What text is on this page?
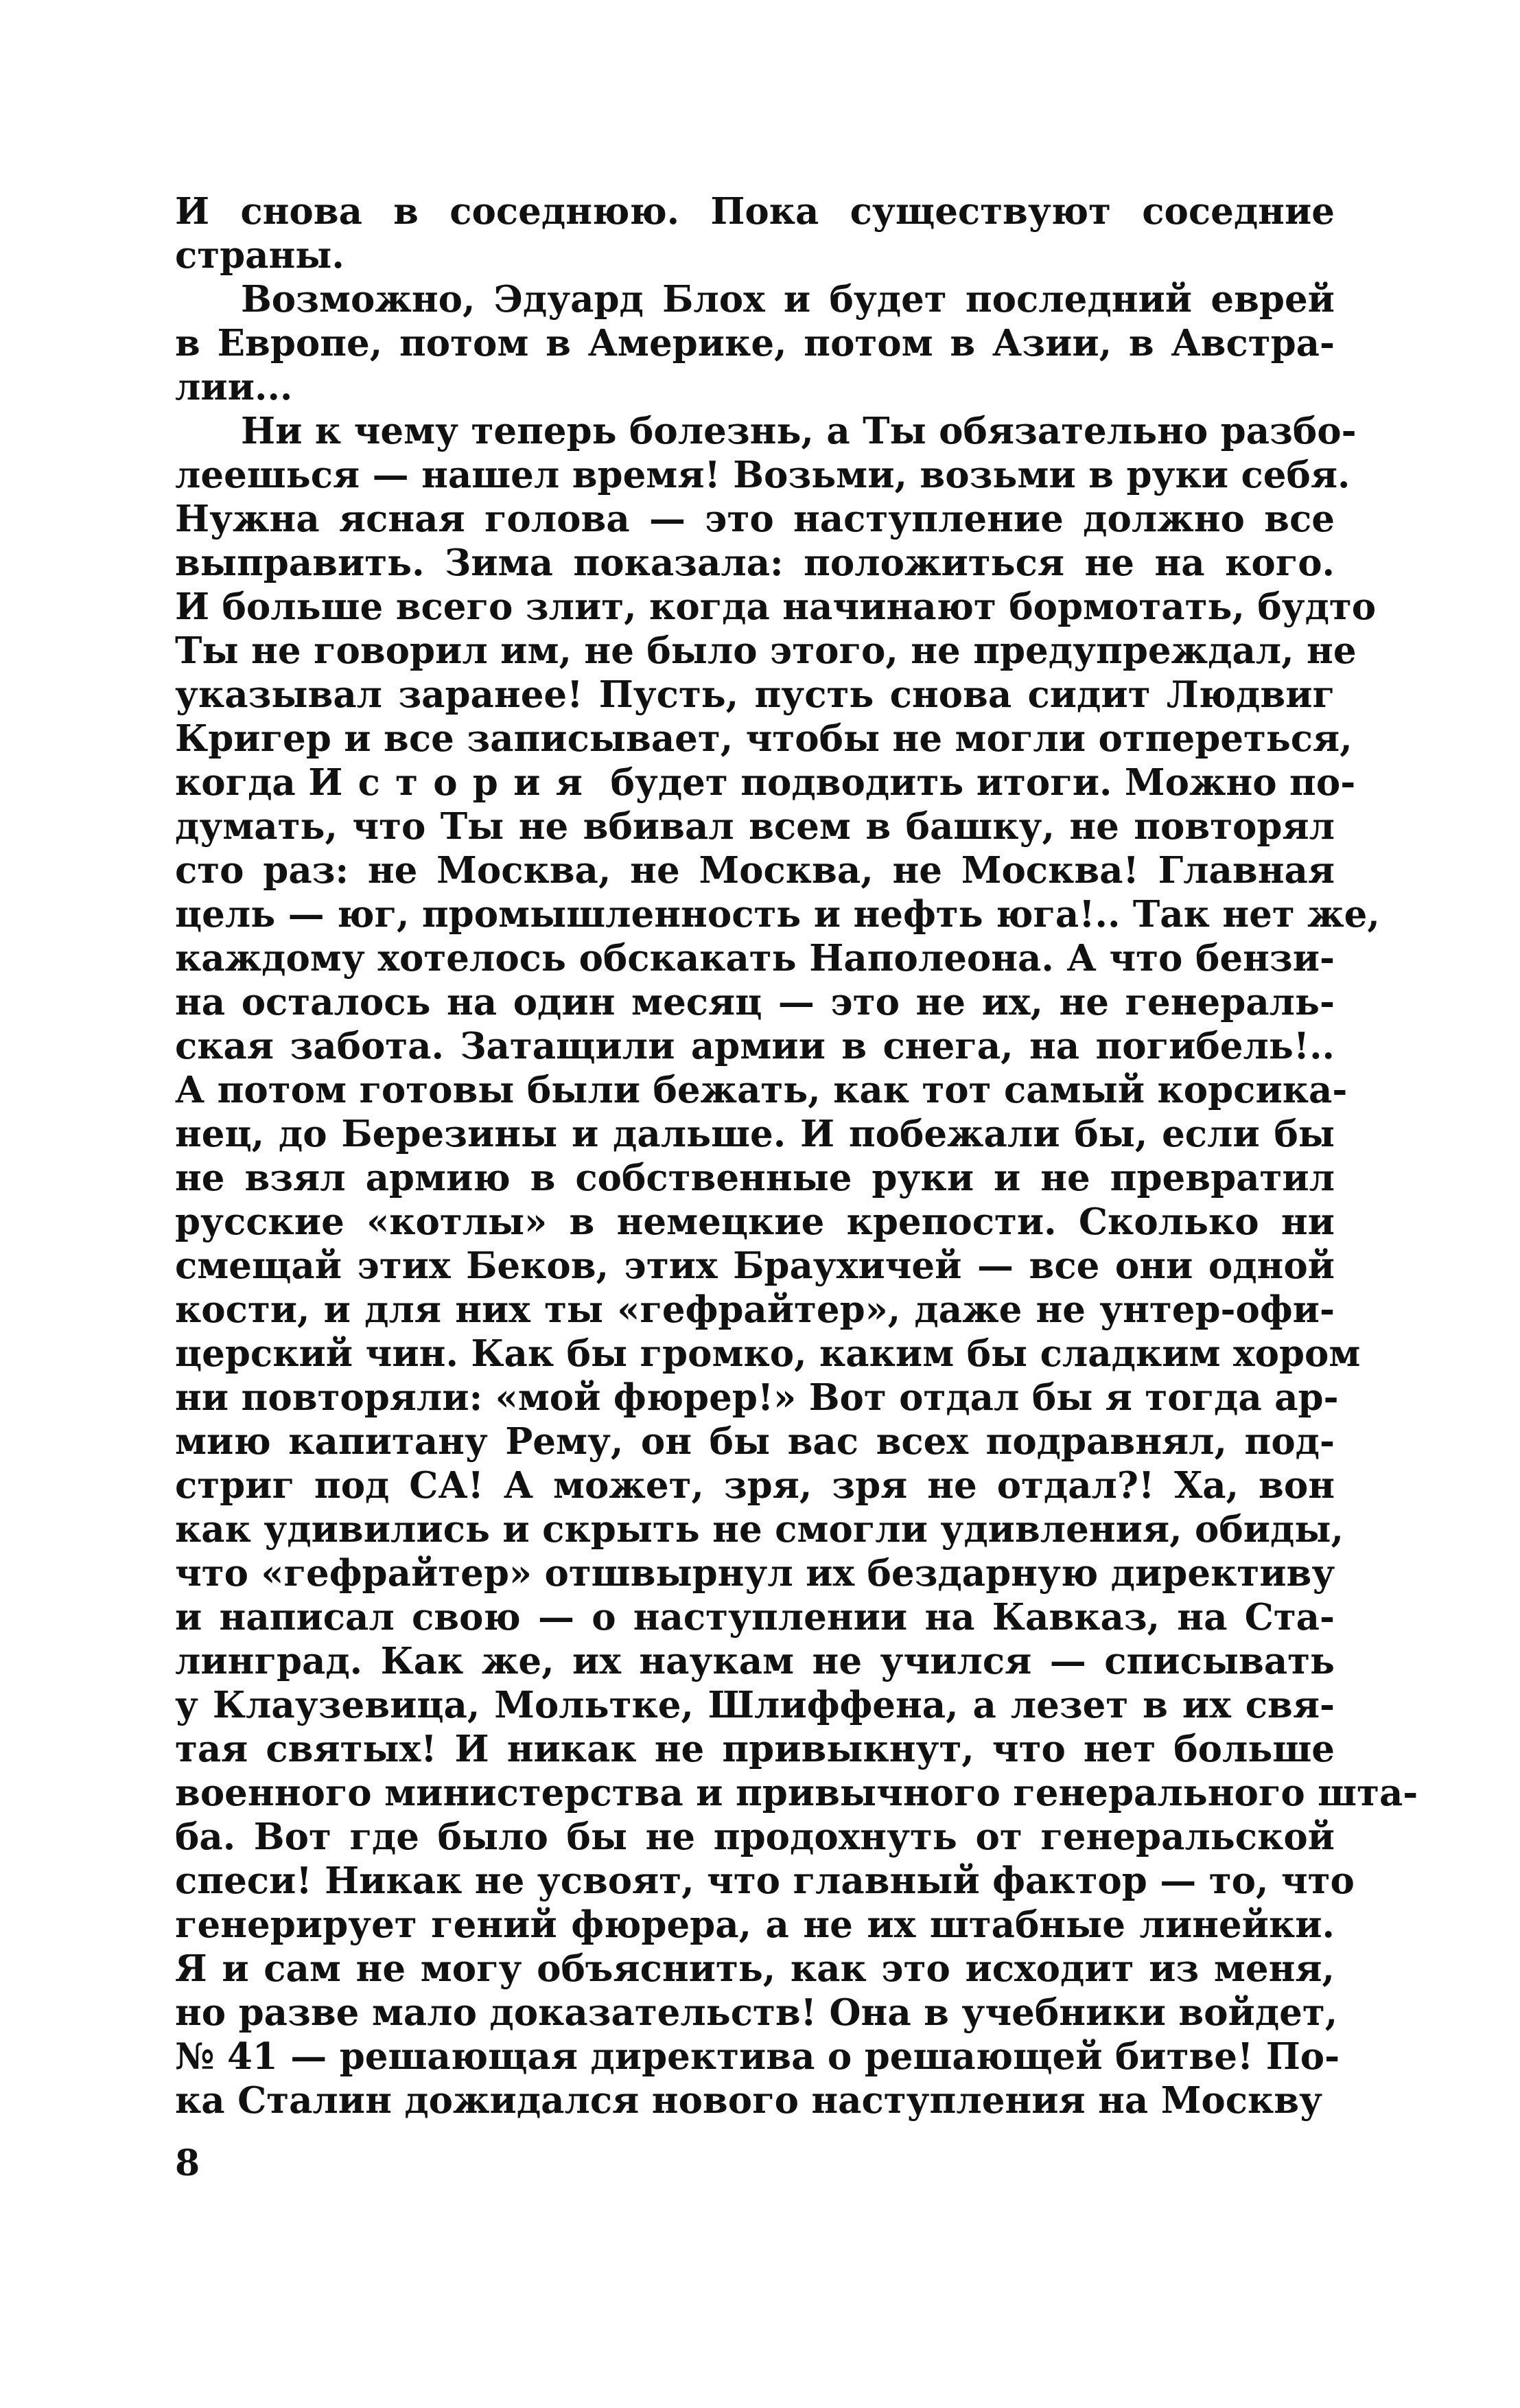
И снова в соседнюю. Пока существуют соседние
страны.
Возможно, Эдуард Блох и будет последний еврей
в Европе, потом в Америке, потом в Азии, в Австра-
лии...
Ни к чему теперь болезнь, а Ты обязательно разбо-
леешься — нашел время! Возьми, возьми в руки себя.
Нужна ясная голова — это наступление должно все
выправить. Зима показала: положиться не на кого.
И больше всего злит, когда начинают бормотать, будто
Ты не говорил им, не было этого, не предупреждал, не
указывал заранее! Пусть, пусть снова сидит Людвиг
Кригер и все записывает, чтобы не могли отпереться,
когда История будет подводить итоги. Можно по-
думать, что Ты не вбивал всем в башку, не повторял
сто раз: не Москва, не Москва, не Москва! Главная
цель — юг, промышленность и нефть юга!.. Так нет же,
каждому хотелось обскакать Наполеона. А что бензи-
на осталось на один месяц — это не их, не генераль-
ская забота. Затащили армии в снега, на погибель!..
А потом готовы были бежать, как тот самый корсика-
нец, до Березины и дальше. И побежали бы, если бы
не взял армию в собственные руки и не превратил
русские «котлы» в немецкие крепости. Сколько ни
смещай этих Беков, этих Браухичей — все они одной
кости, и для них ты «гефрайтер», даже не унтер-офи-
церский чин. Как бы громко, каким бы сладким хором
ни повторяли: «мой фюрер!» Вот отдал бы я тогда ар-
мию капитану Рему, он бы вас всех подравнял, под-
стриг под СА! А может, зря, зря не отдал?! Ха, вон
как удивились и скрыть не смогли удивления, обиды,
что «гефрайтер» отшвырнул их бездарную директиву
и написал свою — о наступлении на Кавказ, на Ста-
линград. Как же, их наукам не учился — списывать
у Клаузевица, Мольтке, Шлиффена, а лезет в их свя-
тая святых! И никак не привыкнут, что нет больше
военного министерства и привычного генерального шта-
ба. Вот где было бы не продохнуть от генеральской
спеси! Никак не усвоят, что главный фактор — то, что
генерирует гений фюрера, а не их штабные линейки.
Я и сам не могу объяснить, как это исходит из меня,
но разве мало доказательств! Она в учебники войдет,
№ 41 — решающая директива о решающей битве! По-
ка Сталин дожидался нового наступления на Москву
8
